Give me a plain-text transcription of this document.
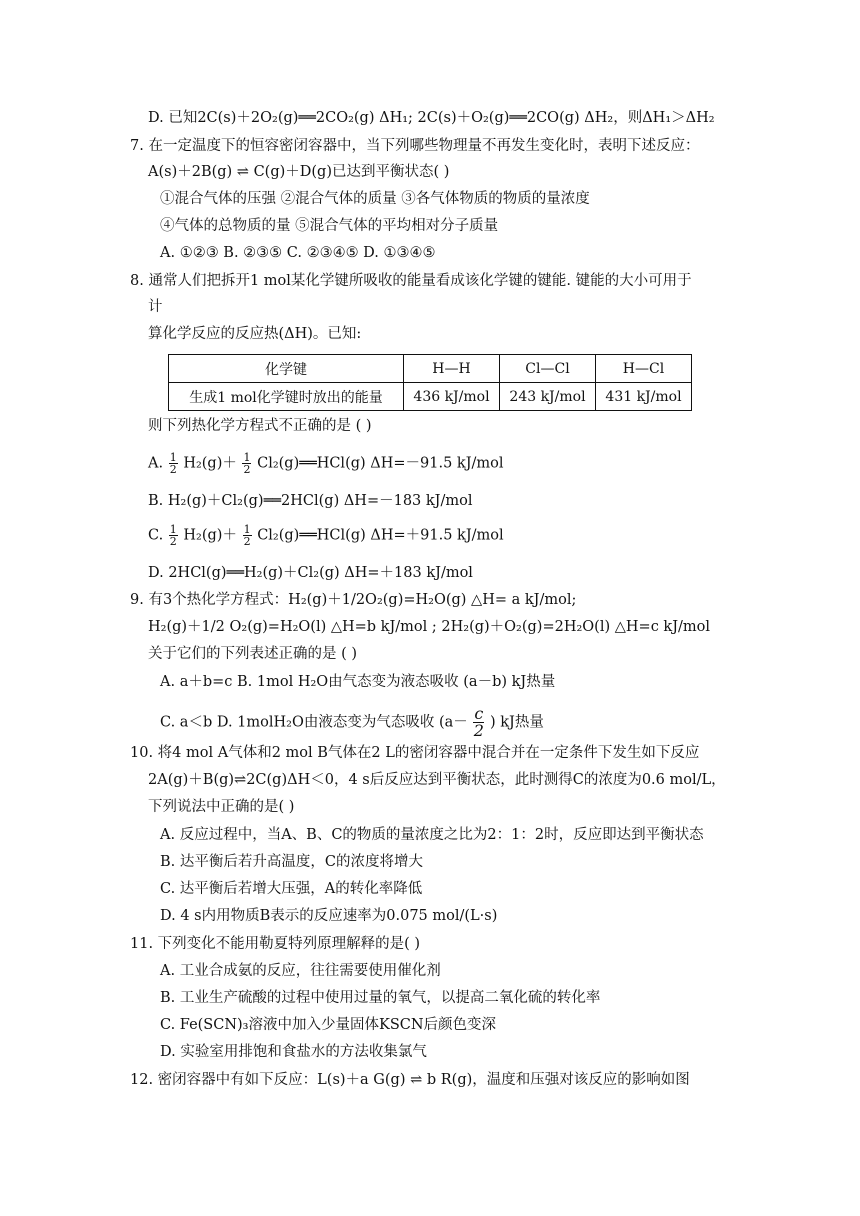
D. 已知2C(s)＋2O₂(g)══2CO₂(g) ΔH₁; 2C(s)＋O₂(g)══2CO(g) ΔH₂，则ΔH₁＞ΔH₂
7. 在一定温度下的恒容密闭容器中，当下列哪些物理量不再发生变化时，表明下述反应：
A(s)＋2B(g) ⇌ C(g)＋D(g)已达到平衡状态( )
①混合气体的压强 ②混合气体的质量 ③各气体物质的物质的量浓度
④气体的总物质的量 ⑤混合气体的平均相对分子质量
A. ①②③ B. ②③⑤ C. ②③④⑤ D. ①③④⑤
8. 通常人们把拆开1 mol某化学键所吸收的能量看成该化学键的键能. 键能的大小可用于
计
算化学反应的反应热(ΔH)。已知:
化学键	H—H	Cl—Cl	H—Cl
生成1 mol化学键时放出的能量	436 kJ/mol	243 kJ/mol	431 kJ/mol
则下列热化学方程式不正确的是 ( )
A. $\frac{1}{2} H_2(g)+ \frac{1}{2}$ Cl₂(g)══HCl(g) ΔH=－91.5 kJ/mol
B. H₂(g)＋Cl₂(g)══2HCl(g) ΔH=－183 kJ/mol
C. $\frac{1}{2} H_2(g)+ \frac{1}{2}$ Cl₂(g)══HCl(g) ΔH=＋91.5 kJ/mol
D. 2HCl(g)══H₂(g)＋Cl₂(g) ΔH=＋183 kJ/mol
9. 有3个热化学方程式：H₂(g)＋1/2O₂(g)=H₂O(g) △H= a kJ/mol;
H₂(g)＋1/2 O₂(g)=H₂O(l) △H=b kJ/mol ; 2H₂(g)＋O₂(g)=2H₂O(l) △H=c kJ/mol
关于它们的下列表述正确的是 ( )
A. a＋b=c B. 1mol H₂O由气态变为液态吸收 (a－b) kJ热量
C. a＜b D. 1molH₂O由液态变为气态吸收 ($a- \frac{c}{2}$ ) kJ热量
10. 将4 mol A气体和2 mol B气体在2 L的密闭容器中混合并在一定条件下发生如下反应
2A(g)＋B(g)⇌2C(g)ΔH＜0，4 s后反应达到平衡状态，此时测得C的浓度为0.6 mol/L，
下列说法中正确的是( )
A. 反应过程中，当A、B、C的物质的量浓度之比为2：1：2时，反应即达到平衡状态
B. 达平衡后若升高温度，C的浓度将增大
C. 达平衡后若增大压强，A的转化率降低
D. 4 s内用物质B表示的反应速率为0.075 mol/(L·s)
11. 下列变化不能用勒夏特列原理解释的是( )
A. 工业合成氨的反应，往往需要使用催化剂
B. 工业生产硫酸的过程中使用过量的氧气，以提高二氧化硫的转化率
C. Fe(SCN)₃溶液中加入少量固体KSCN后颜色变深
D. 实验室用排饱和食盐水的方法收集氯气
12. 密闭容器中有如下反应：L(s)＋a G(g) ⇌ b R(g)，温度和压强对该反应的影响如图
